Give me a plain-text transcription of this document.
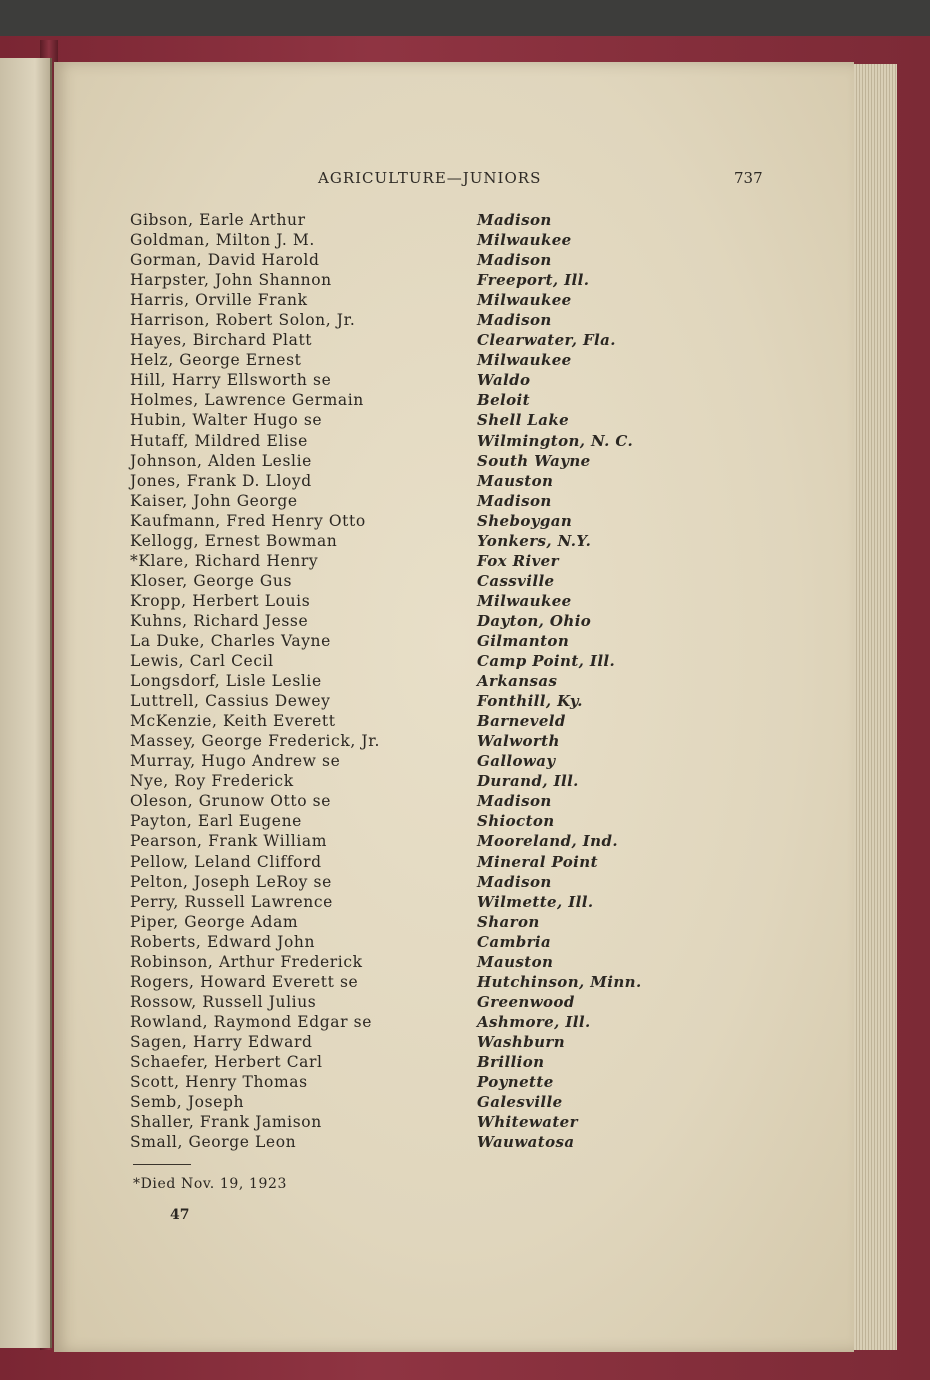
AGRICULTURE—JUNIORS	737
Gibson, Earle Arthur	Madison
Goldman, Milton J. M.	Milwaukee
Gorman, David Harold	Madison
Harpster, John Shannon	Freeport, Ill.
Harris, Orville Frank	Milwaukee
Harrison, Robert Solon, Jr.	Madison
Hayes, Birchard Platt	Clearwater, Fla.
Helz, George Ernest	Milwaukee
Hill, Harry Ellsworth se	Waldo
Holmes, Lawrence Germain	Beloit
Hubin, Walter Hugo se	Shell Lake
Hutaff, Mildred Elise	Wilmington, N. C.
Johnson, Alden Leslie	South Wayne
Jones, Frank D. Lloyd	Mauston
Kaiser, John George	Madison
Kaufmann, Fred Henry Otto	Sheboygan
Kellogg, Ernest Bowman	Yonkers, N.Y.
*Klare, Richard Henry	Fox River
Kloser, George Gus	Cassville
Kropp, Herbert Louis	Milwaukee
Kuhns, Richard Jesse	Dayton, Ohio
La Duke, Charles Vayne	Gilmanton
Lewis, Carl Cecil	Camp Point, Ill.
Longsdorf, Lisle Leslie	Arkansas
Luttrell, Cassius Dewey	Fonthill, Ky.
McKenzie, Keith Everett	Barneveld
Massey, George Frederick, Jr.	Walworth
Murray, Hugo Andrew se	Galloway
Nye, Roy Frederick	Durand, Ill.
Oleson, Grunow Otto se	Madison
Payton, Earl Eugene	Shiocton
Pearson, Frank William	Mooreland, Ind.
Pellow, Leland Clifford	Mineral Point
Pelton, Joseph LeRoy se	Madison
Perry, Russell Lawrence	Wilmette, Ill.
Piper, George Adam	Sharon
Roberts, Edward John	Cambria
Robinson, Arthur Frederick	Mauston
Rogers, Howard Everett se	Hutchinson, Minn.
Rossow, Russell Julius	Greenwood
Rowland, Raymond Edgar se	Ashmore, Ill.
Sagen, Harry Edward	Washburn
Schaefer, Herbert Carl	Brillion
Scott, Henry Thomas	Poynette
Semb, Joseph	Galesville
Shaller, Frank Jamison	Whitewater
Small, George Leon	Wauwatosa
*Died Nov. 19, 1923
47
